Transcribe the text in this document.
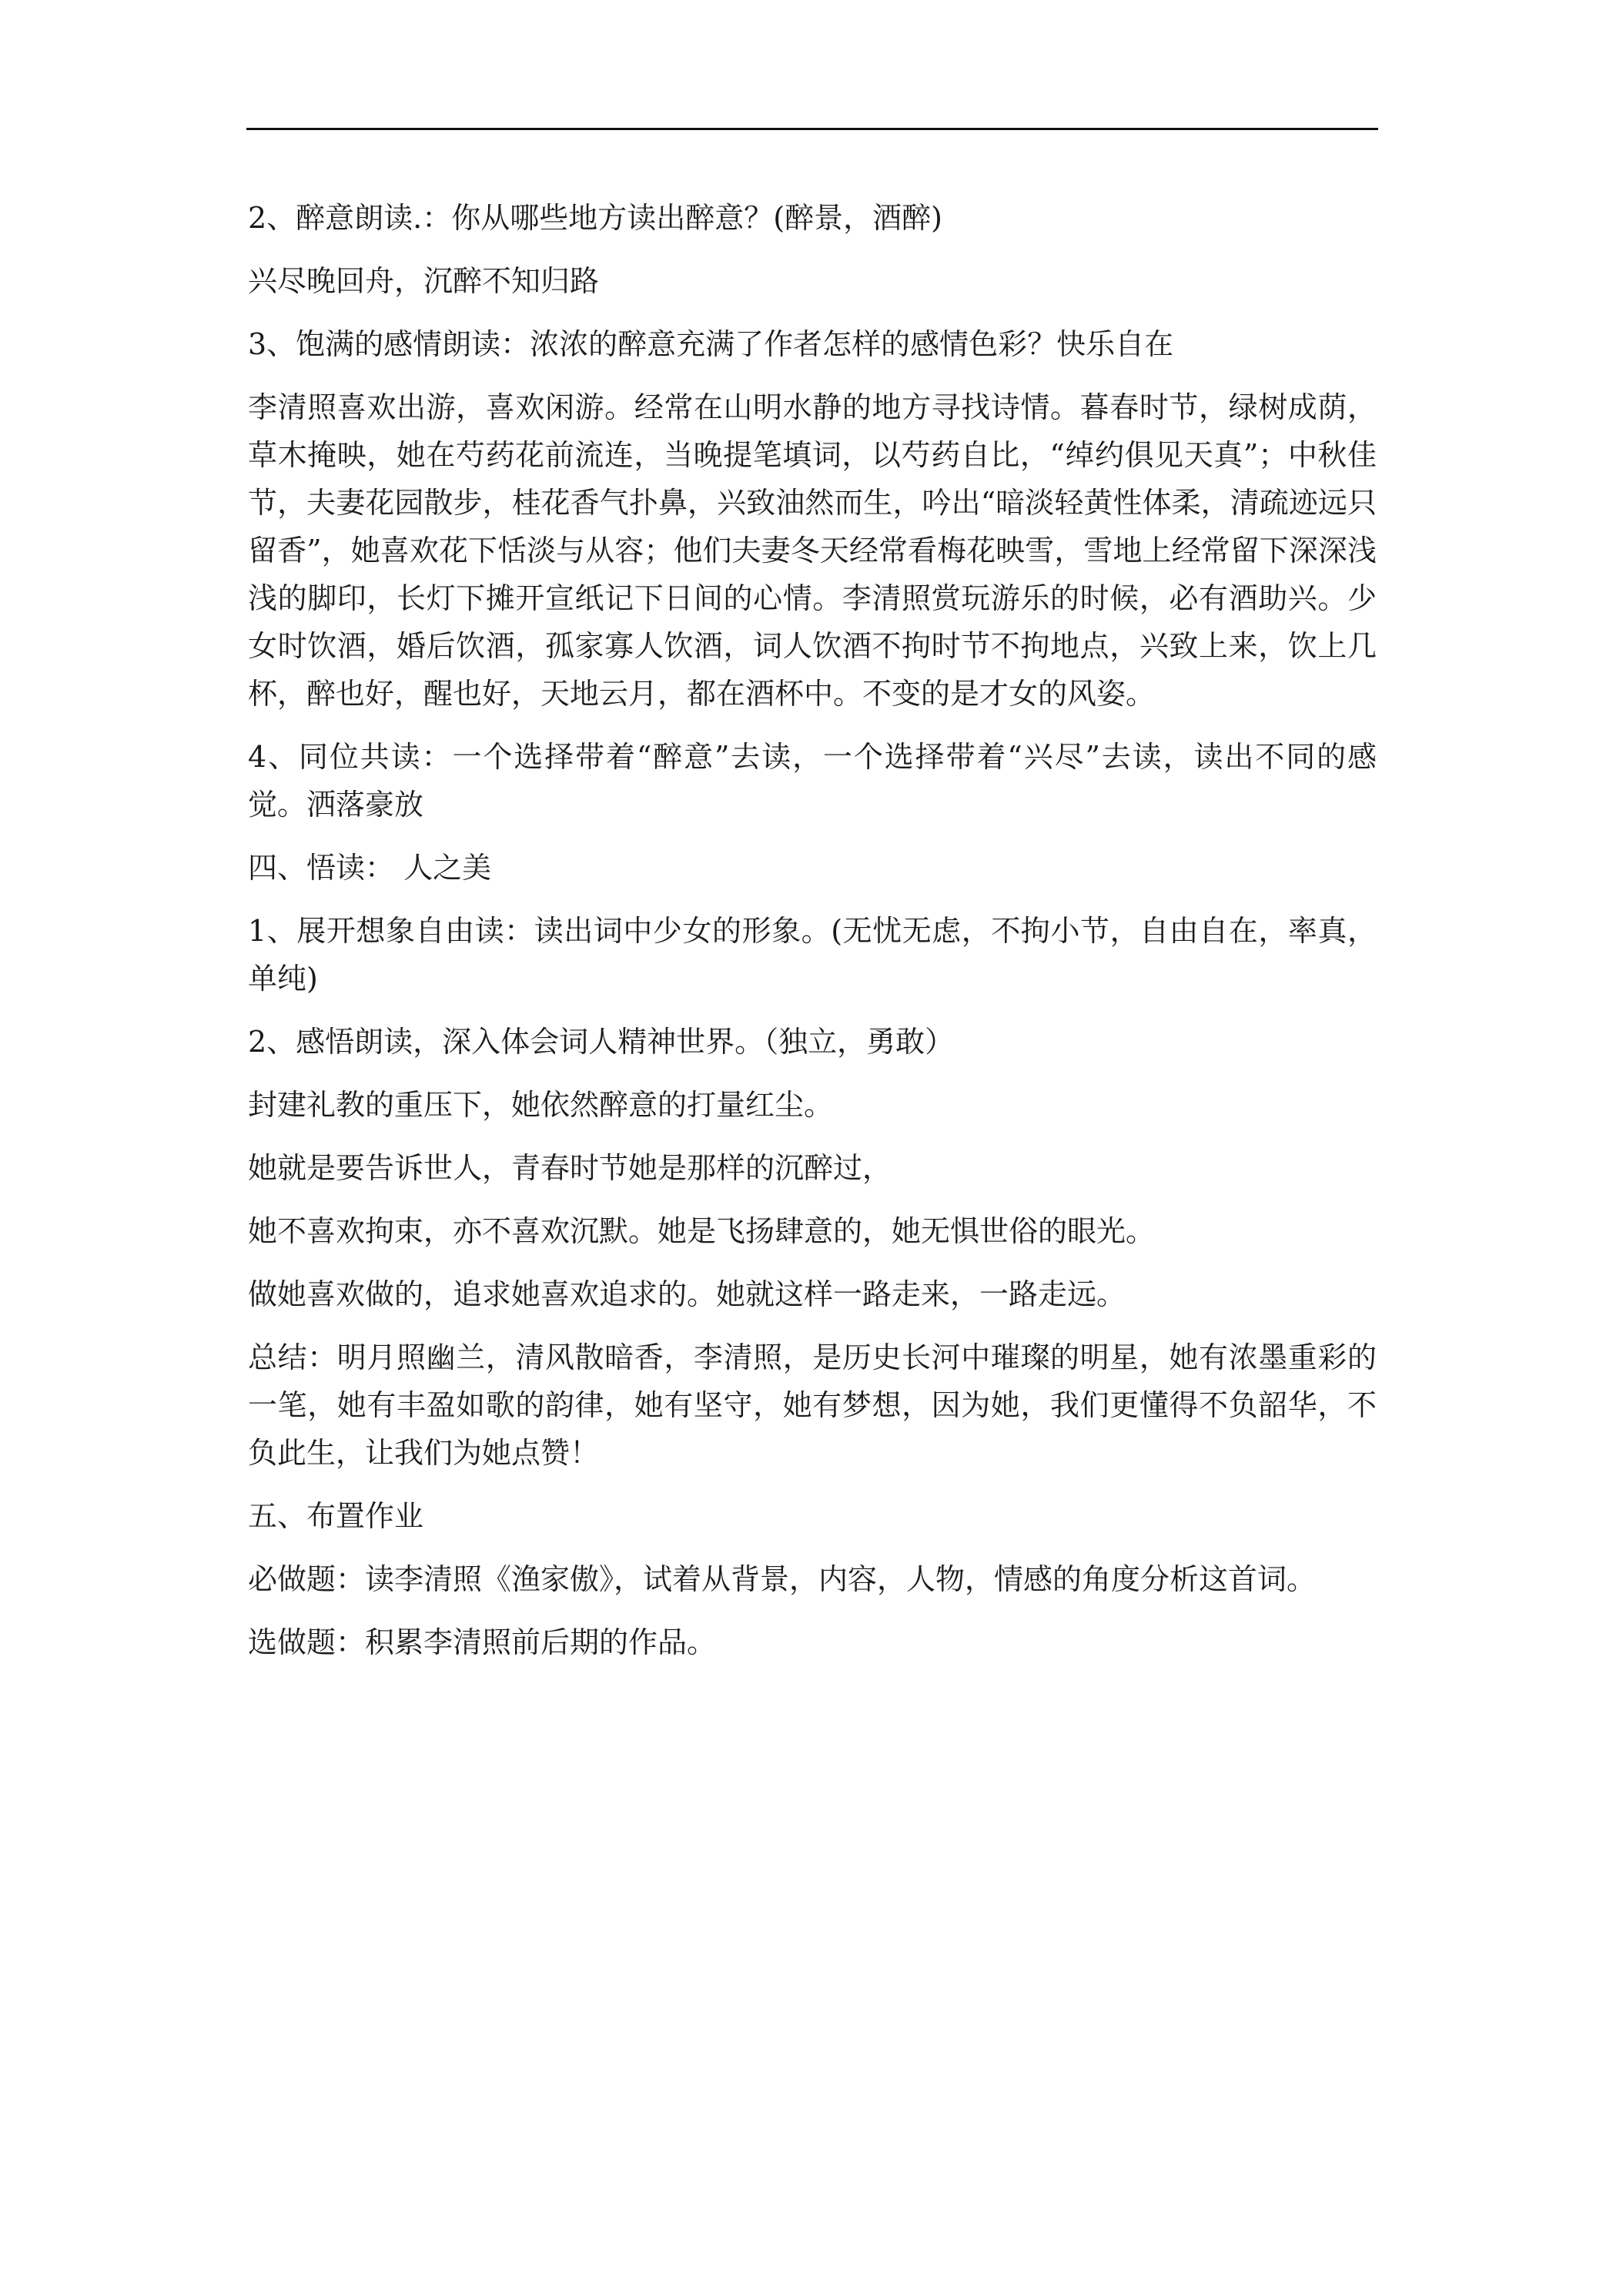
2、醉意朗读.：你从哪些地方读出醉意？(醉景，酒醉)

兴尽晚回舟，沉醉不知归路

3、饱满的感情朗读：浓浓的醉意充满了作者怎样的感情色彩？快乐自在

李清照喜欢出游，喜欢闲游。经常在山明水静的地方寻找诗情。暮春时节，绿树成荫，草木掩映，她在芍药花前流连，当晚提笔填词，以芍药自比，“绰约俱见天真”；中秋佳节，夫妻花园散步，桂花香气扑鼻，兴致油然而生，吟出“暗淡轻黄性体柔，清疏迹远只留香”，她喜欢花下恬淡与从容；他们夫妻冬天经常看梅花映雪，雪地上经常留下深深浅浅的脚印，长灯下摊开宣纸记下日间的心情。李清照赏玩游乐的时候，必有酒助兴。少女时饮酒，婚后饮酒，孤家寡人饮酒，词人饮酒不拘时节不拘地点，兴致上来，饮上几杯，醉也好，醒也好，天地云月，都在酒杯中。不变的是才女的风姿。

4、同位共读：一个选择带着“醉意”去读，一个选择带着“兴尽”去读，读出不同的感觉。洒落豪放

四、悟读： 人之美

1、展开想象自由读：读出词中少女的形象。(无忧无虑，不拘小节，自由自在，率真，单纯)

2、感悟朗读，深入体会词人精神世界。（独立，勇敢）

封建礼教的重压下，她依然醉意的打量红尘。

她就是要告诉世人，青春时节她是那样的沉醉过，

她不喜欢拘束，亦不喜欢沉默。她是飞扬肆意的，她无惧世俗的眼光。

做她喜欢做的，追求她喜欢追求的。她就这样一路走来，一路走远。

总结：明月照幽兰，清风散暗香，李清照，是历史长河中璀璨的明星，她有浓墨重彩的一笔，她有丰盈如歌的韵律，她有坚守，她有梦想，因为她，我们更懂得不负韶华，不负此生，让我们为她点赞！

五、布置作业

必做题：读李清照《渔家傲》，试着从背景，内容，人物，情感的角度分析这首词。

选做题：积累李清照前后期的作品。
